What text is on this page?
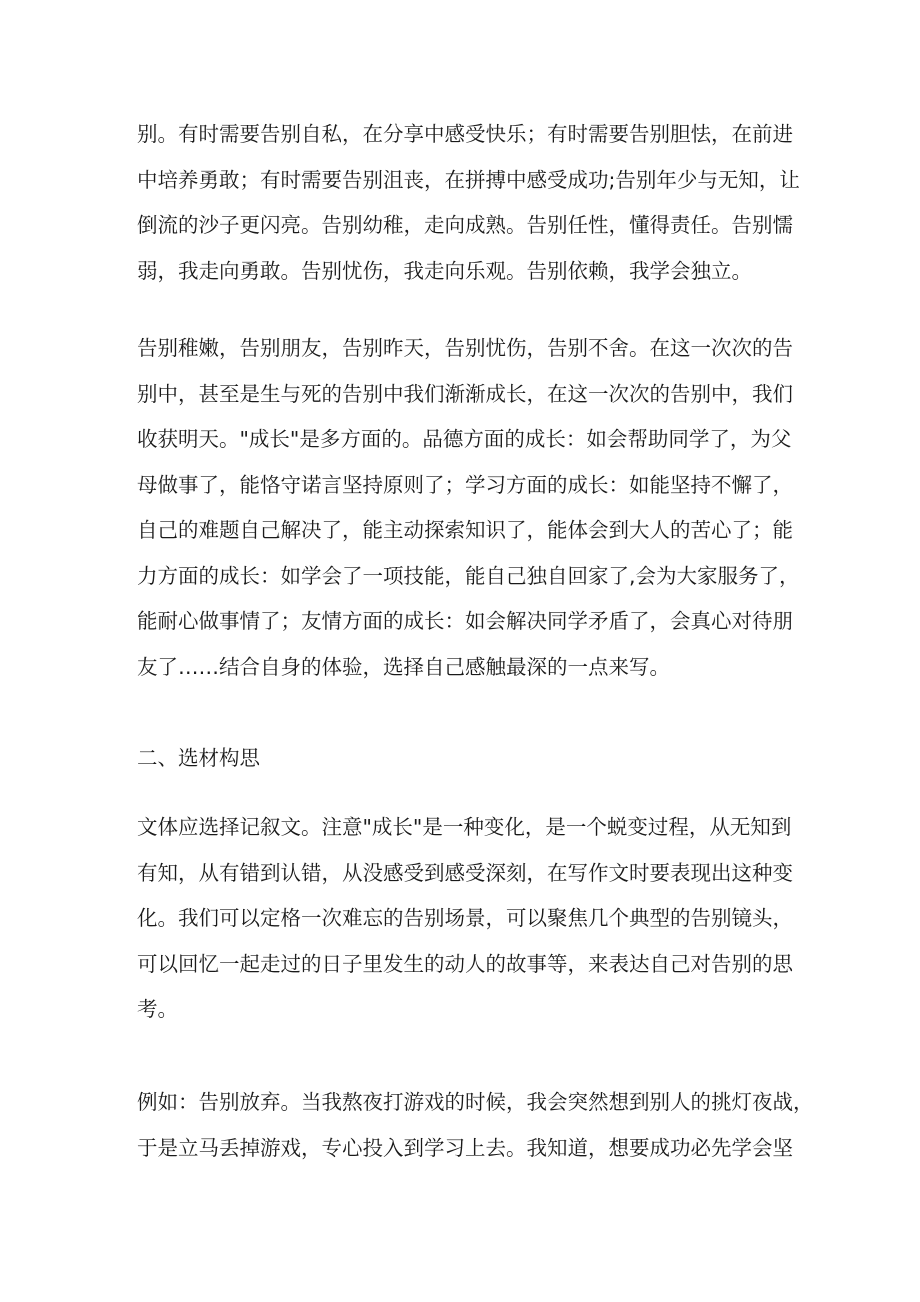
别。有时需要告别自私，在分享中感受快乐；有时需要告别胆怯，在前进
中培养勇敢；有时需要告别沮丧，在拼搏中感受成功;告别年少与无知，让
倒流的沙子更闪亮。告别幼稚，走向成熟。告别任性，懂得责任。告别懦
弱，我走向勇敢。告别忧伤，我走向乐观。告别依赖，我学会独立。
告别稚嫩，告别朋友，告别昨天，告别忧伤，告别不舍。在这一次次的告
别中，甚至是生与死的告别中我们渐渐成长，在这一次次的告别中，我们
收获明天。"成长"是多方面的。品德方面的成长：如会帮助同学了，为父
母做事了，能恪守诺言坚持原则了；学习方面的成长：如能坚持不懈了，
自己的难题自己解决了，能主动探索知识了，能体会到大人的苦心了；能
力方面的成长：如学会了一项技能，能自己独自回家了,会为大家服务了，
能耐心做事情了；友情方面的成长：如会解决同学矛盾了，会真心对待朋
友了……结合自身的体验，选择自己感触最深的一点来写。
二、选材构思
文体应选择记叙文。注意"成长"是一种变化，是一个蜕变过程，从无知到
有知，从有错到认错，从没感受到感受深刻，在写作文时要表现出这种变
化。我们可以定格一次难忘的告别场景，可以聚焦几个典型的告别镜头，
可以回忆一起走过的日子里发生的动人的故事等，来表达自己对告别的思
考。
例如：告别放弃。当我熬夜打游戏的时候，我会突然想到别人的挑灯夜战，
于是立马丢掉游戏，专心投入到学习上去。我知道，想要成功必先学会坚
